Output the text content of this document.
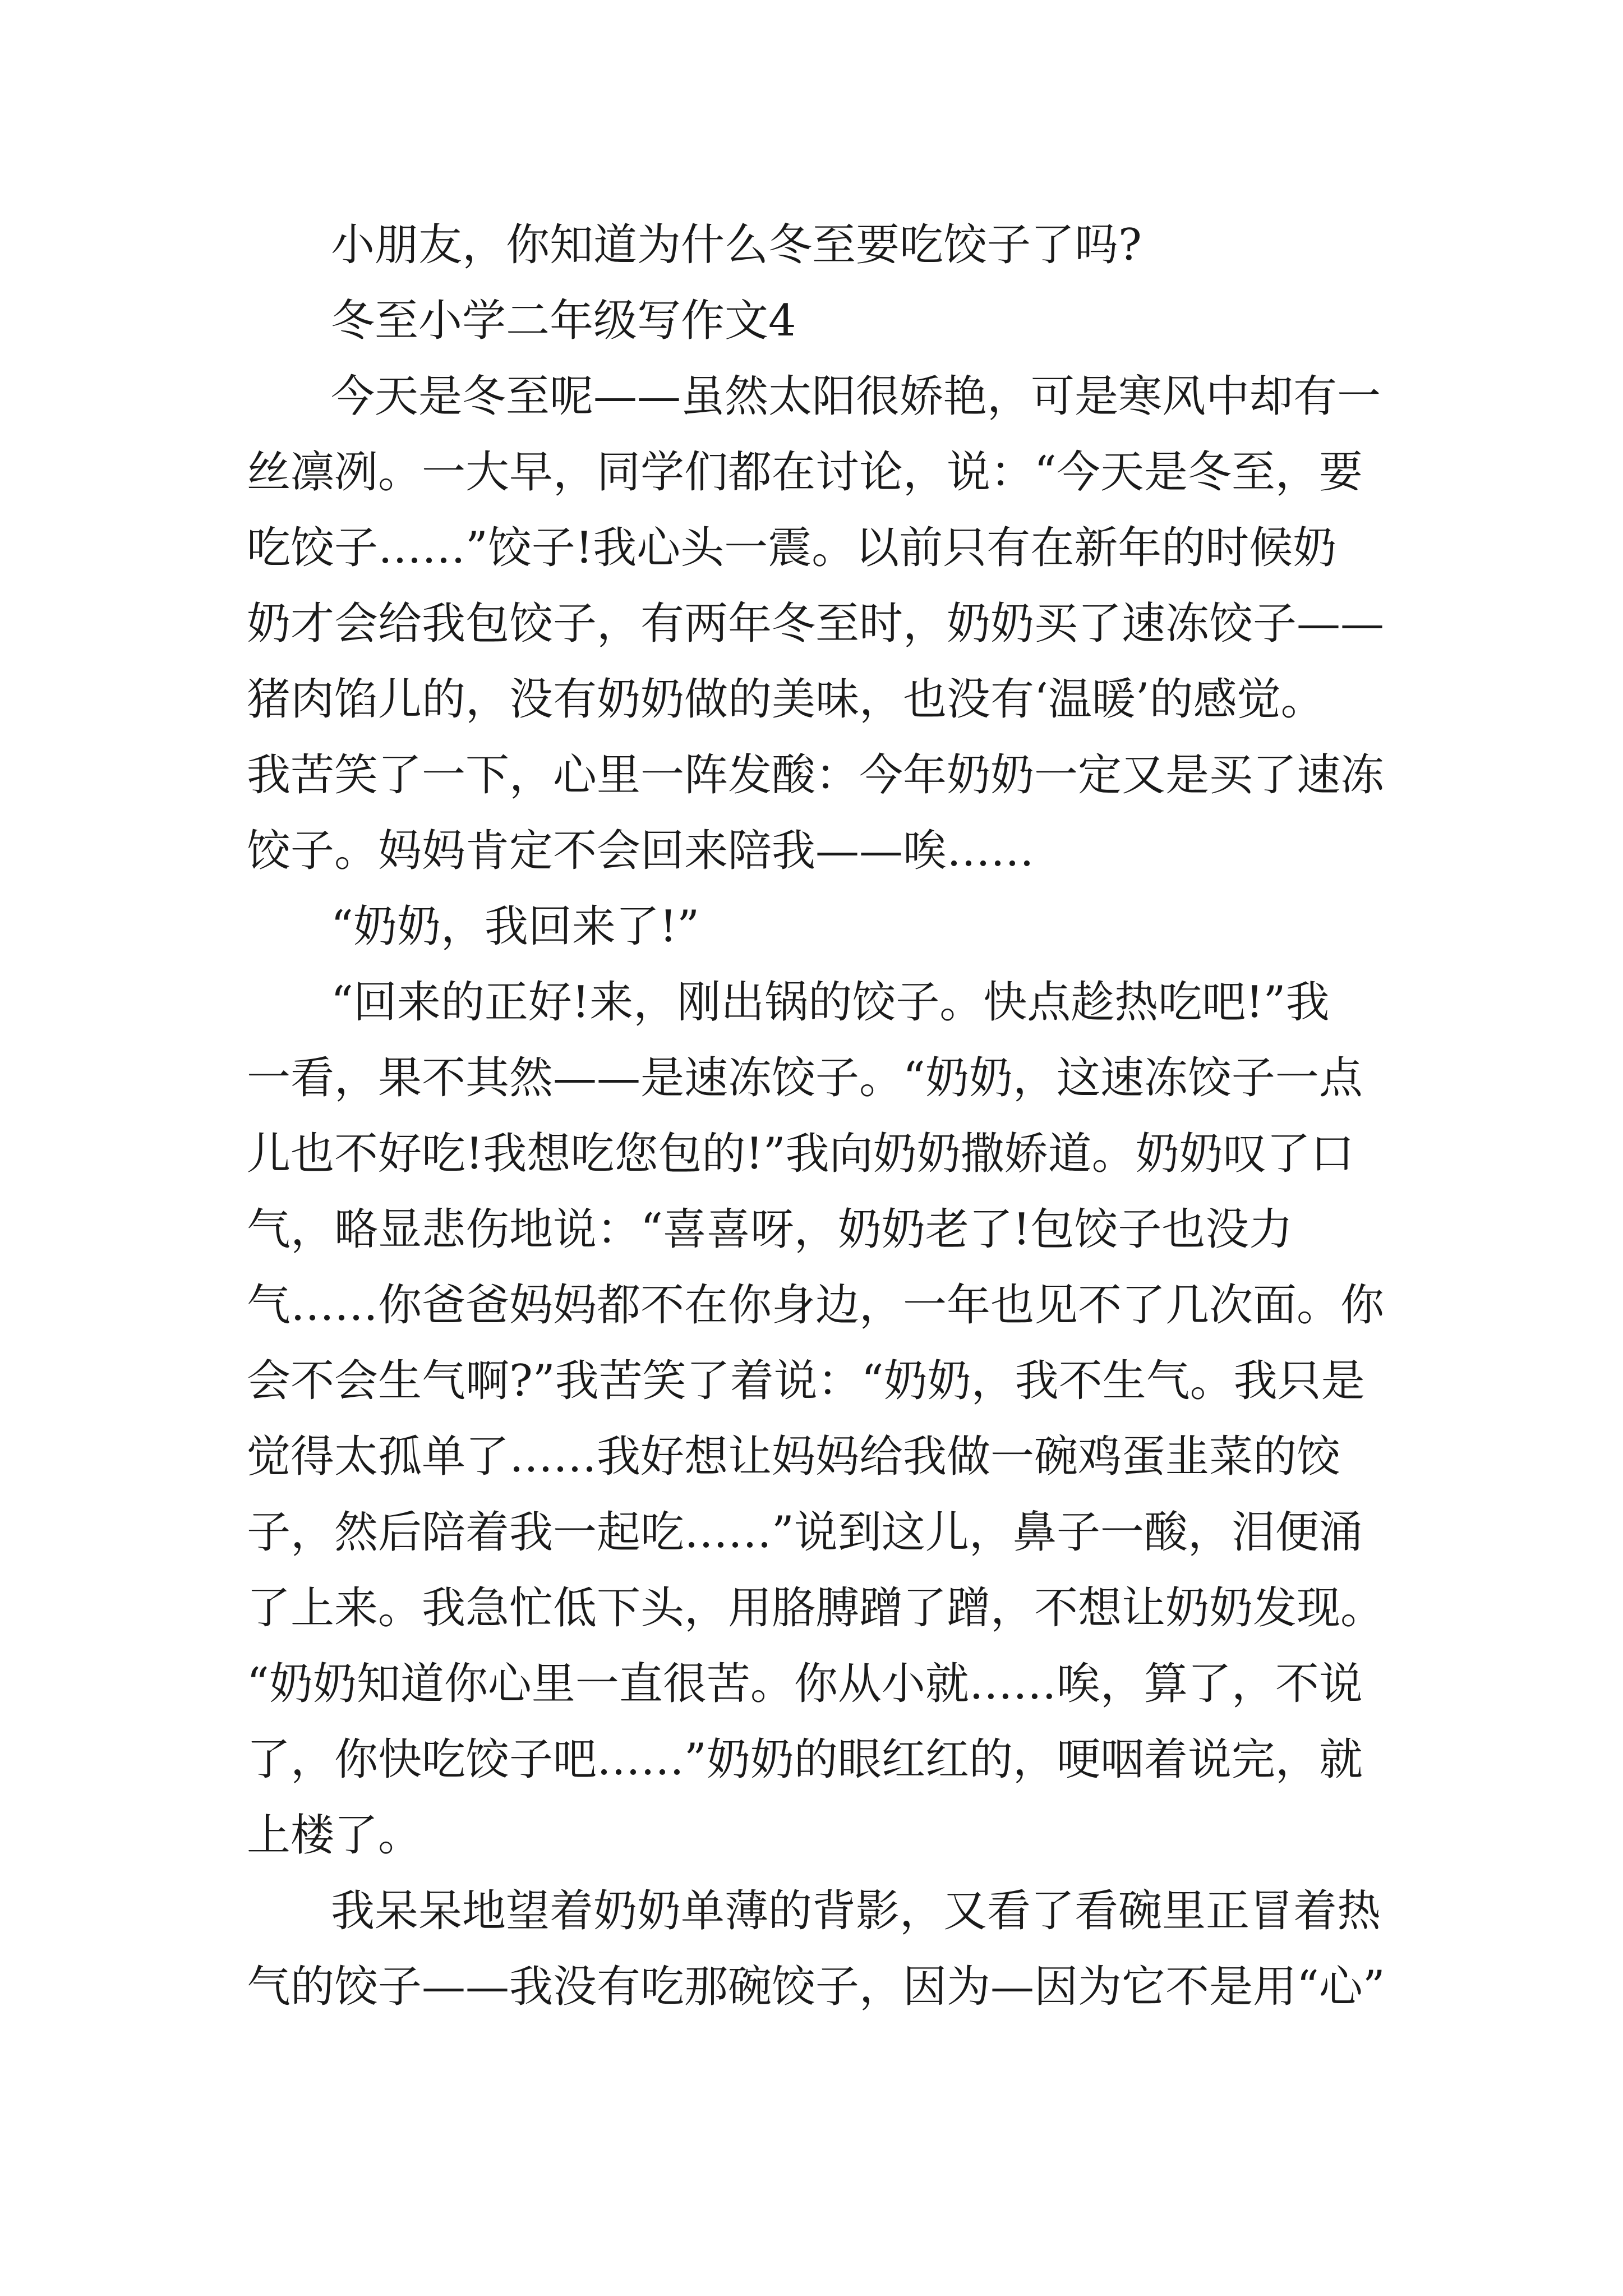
小朋友，你知道为什么冬至要吃饺子了吗?
冬至小学二年级写作文4
今天是冬至呢——虽然太阳很娇艳，可是寒风中却有一
丝凛冽。一大早，同学们都在讨论，说：“今天是冬至，要
吃饺子……”饺子!我心头一震。以前只有在新年的时候奶
奶才会给我包饺子，有两年冬至时，奶奶买了速冻饺子——
猪肉馅儿的，没有奶奶做的美味，也没有‘温暖’的感觉。
我苦笑了一下，心里一阵发酸：今年奶奶一定又是买了速冻
饺子。妈妈肯定不会回来陪我——唉……
“奶奶，我回来了!”
“回来的正好!来，刚出锅的饺子。快点趁热吃吧!”我
一看，果不其然——是速冻饺子。“奶奶，这速冻饺子一点
儿也不好吃!我想吃您包的!”我向奶奶撒娇道。奶奶叹了口
气，略显悲伤地说：“喜喜呀，奶奶老了!包饺子也没力
气……你爸爸妈妈都不在你身边，一年也见不了几次面。你
会不会生气啊?”我苦笑了着说：“奶奶，我不生气。我只是
觉得太孤单了……我好想让妈妈给我做一碗鸡蛋韭菜的饺
子，然后陪着我一起吃……”说到这儿，鼻子一酸，泪便涌
了上来。我急忙低下头，用胳膊蹭了蹭，不想让奶奶发现。
“奶奶知道你心里一直很苦。你从小就……唉，算了，不说
了，你快吃饺子吧……”奶奶的眼红红的，哽咽着说完，就
上楼了。
我呆呆地望着奶奶单薄的背影，又看了看碗里正冒着热
气的饺子——我没有吃那碗饺子，因为—因为它不是用“心”
